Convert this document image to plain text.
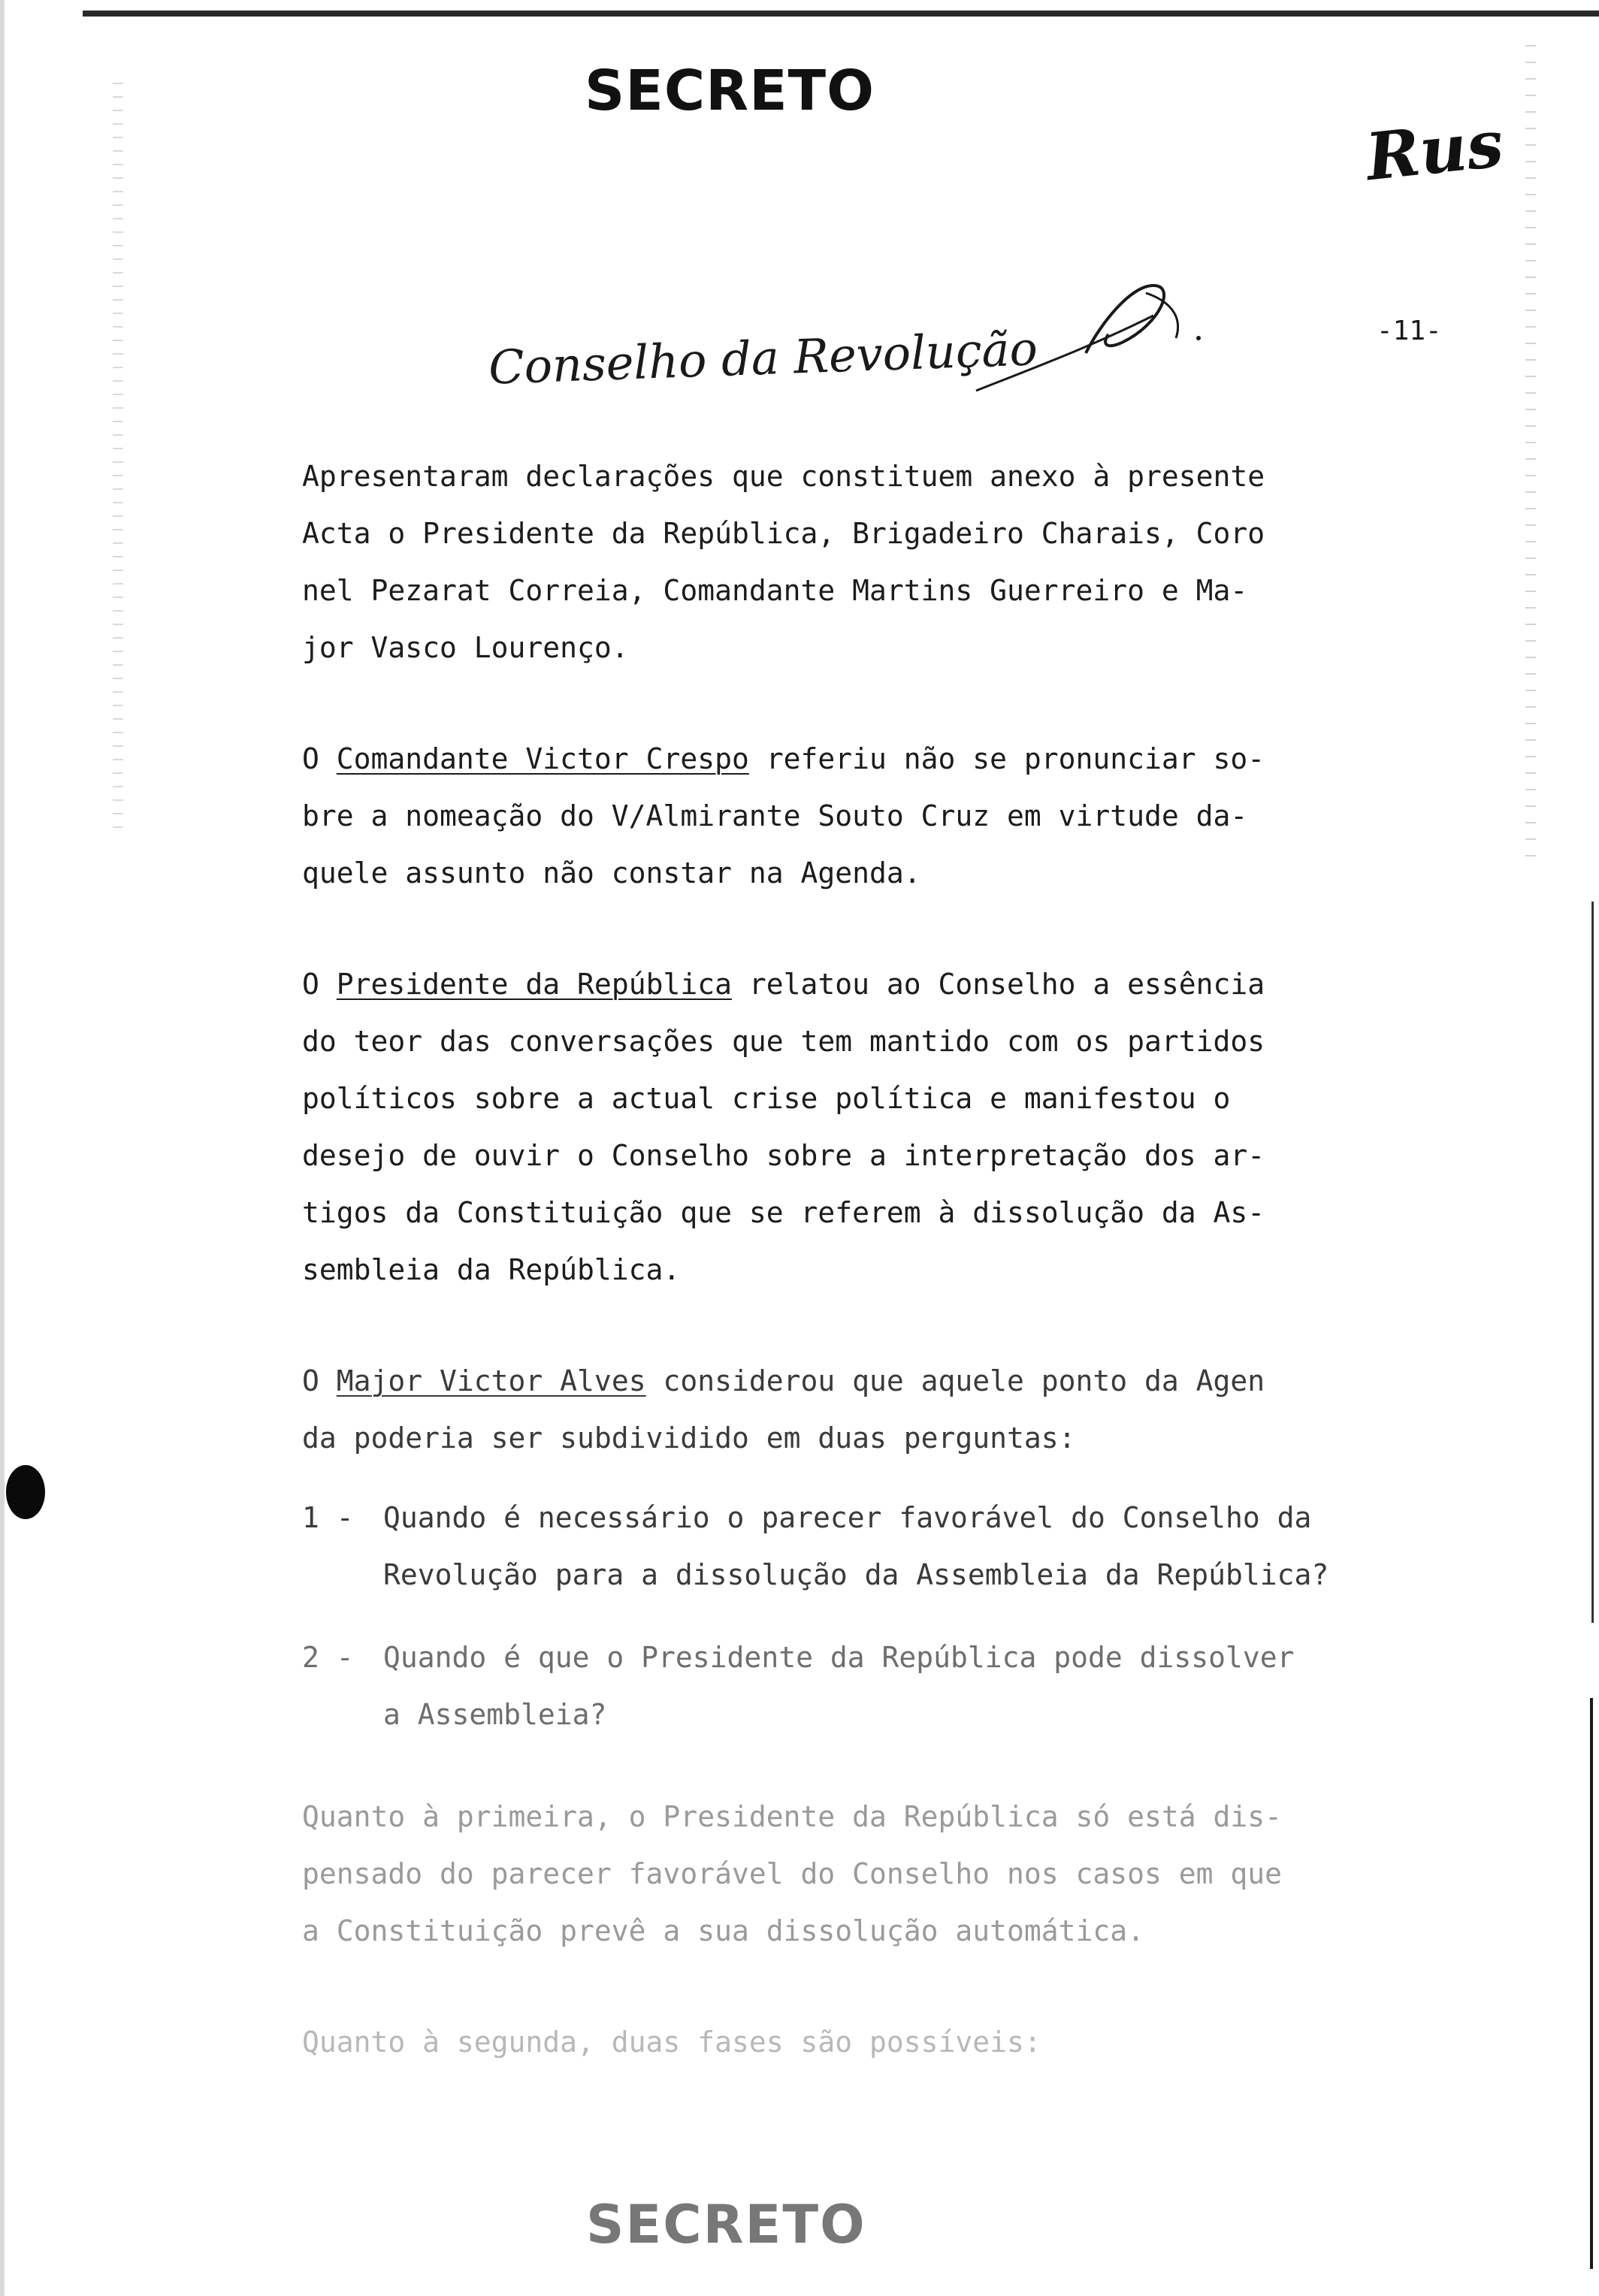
SECRETO
Rus
-11-
Conselho da Revolução
Apresentaram declarações que constituem anexo à presente
Acta o Presidente da República, Brigadeiro Charais, Coro
nel Pezarat Correia, Comandante Martins Guerreiro e Ma-
jor Vasco Lourenço.
O Comandante Victor Crespo referiu não se pronunciar so-
bre a nomeação do V/Almirante Souto Cruz em virtude da-
quele assunto não constar na Agenda.
O Presidente da República relatou ao Conselho a essência
do teor das conversações que tem mantido com os partidos
políticos sobre a actual crise política e manifestou o
desejo de ouvir o Conselho sobre a interpretação dos ar-
tigos da Constituição que se referem à dissolução da As-
sembleia da República.
O Major Victor Alves considerou que aquele ponto da Agen
da poderia ser subdividido em duas perguntas:
1 -	Quando é necessário o parecer favorável do Conselho da
Revolução para a dissolução da Assembleia da República?
2 -	Quando é que o Presidente da República pode dissolver
a Assembleia?
Quanto à primeira, o Presidente da República só está dis-
pensado do parecer favorável do Conselho nos casos em que
a Constituição prevê a sua dissolução automática.
Quanto à segunda, duas fases são possíveis:
SECRETO
